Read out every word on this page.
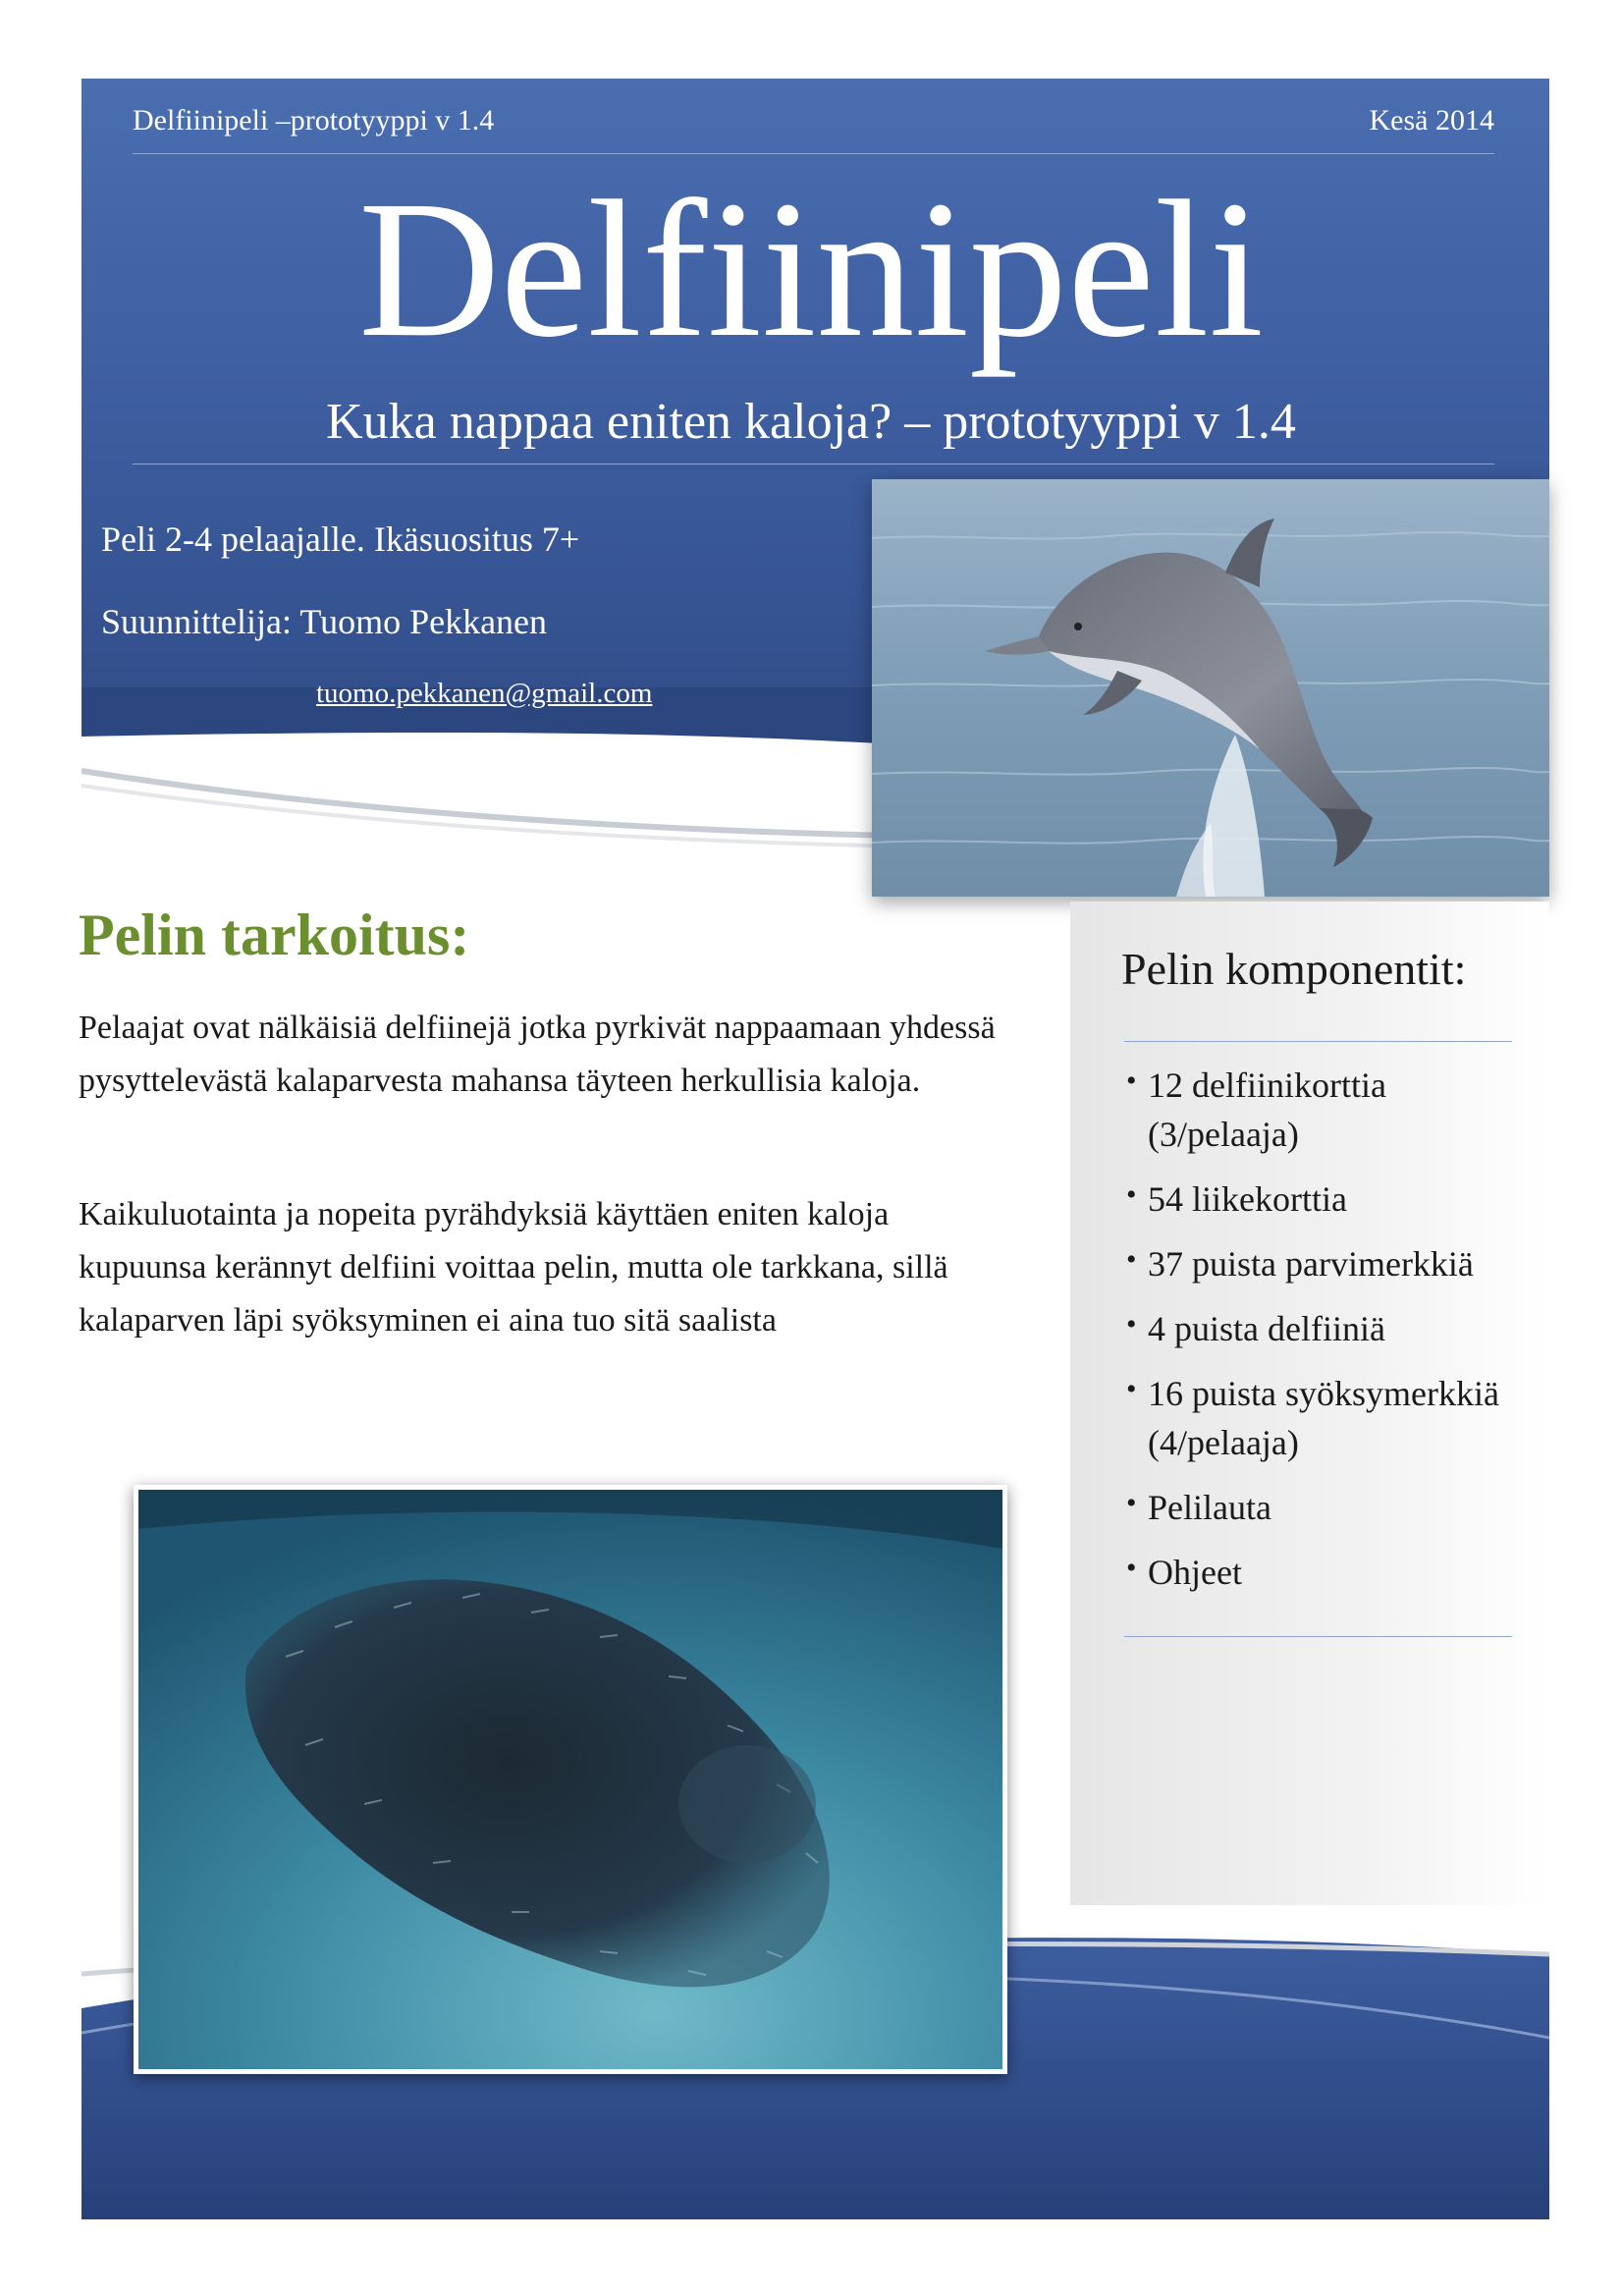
Delfiinipeli –prototyyppi v 1.4	Kesä 2014
Delfiinipeli
Kuka nappaa eniten kaloja? – prototyyppi v 1.4
Peli 2-4 pelaajalle. Ikäsuositus 7+
Suunnittelija: Tuomo Pekkanen
tuomo.pekkanen@gmail.com
Pelin tarkoitus:

Pelaajat ovat nälkäisiä delfiinejä jotka pyrkivät nappaamaan yhdessä pysyttelevästä kalaparvesta mahansa täyteen herkullisia kaloja.

Kaikuluotainta ja nopeita pyrähdyksiä käyttäen eniten kaloja kupuunsa kerännyt delfiini voittaa pelin, mutta ole tarkkana, sillä kalaparven läpi syöksyminen ei aina tuo sitä saalista

Pelin komponentit:
• 12 delfiinikorttia (3/pelaaja)
• 54 liikekorttia
• 37 puista parvimerkkiä
• 4 puista delfiiniä
• 16 puista syöksymerkkiä (4/pelaaja)
• Pelilauta
• Ohjeet
